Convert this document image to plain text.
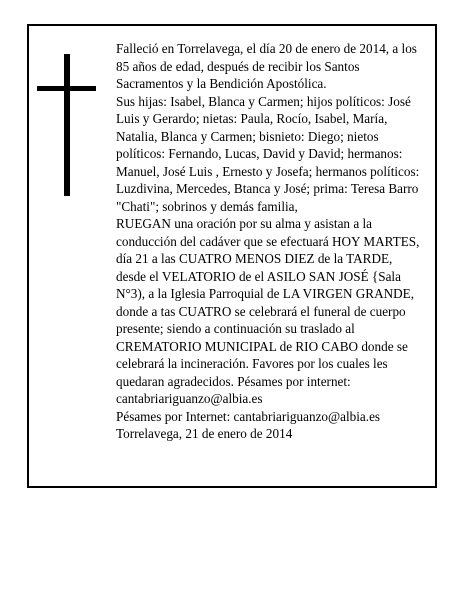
Falleció en Torrelavega, el día 20 de enero de 2014, a los 85 años de edad, después de recibir los Santos Sacramentos y la Bendición Apostólica.

Sus hijas: Isabel, Blanca y Carmen; hijos políticos: José Luis y Gerardo; nietas: Paula, Rocío, Isabel, María, Natalia, Blanca y Carmen; bisnieto: Diego; nietos políticos: Fernando, Lucas, David y David; hermanos: Manuel, José Luis , Ernesto y Josefa; hermanos políticos: Luzdivina, Mercedes, Btanca y José; prima: Teresa Barro "Chati"; sobrinos y demás familia,

RUEGAN una oración por su alma y asistan a la conducción del cadáver que se efectuará HOY MARTES, día 21 a las CUATRO MENOS DIEZ de la TARDE, desde el VELATORIO de el ASILO SAN JOSÉ {Sala N°3), a la Iglesia Parroquial de LA VIRGEN GRANDE, donde a tas CUATRO se celebrará el funeral de cuerpo presente; siendo a continuación su traslado al CREMATORIO MUNICIPAL de RIO CABO donde se celebrará la incineración. Favores por los cuales les quedaran agradecidos. Pésames por internet: cantabriariguanzo@albia.es

Pésames por Internet: cantabriariguanzo@albia.es

Torrelavega, 21 de enero de 2014
